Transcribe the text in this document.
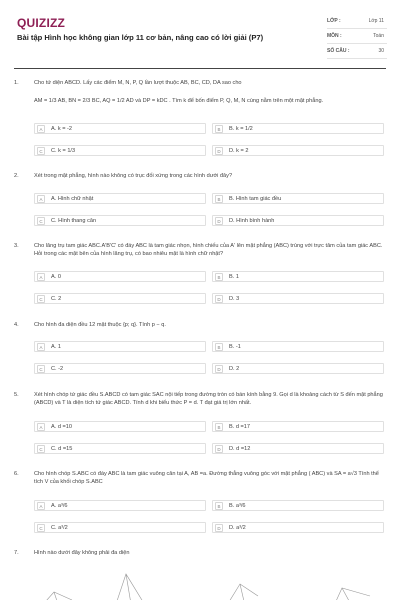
QUIZIZZ
Bài tập Hình học không gian lớp 11 cơ bản, nâng cao có lời giải (P7)
LỚP :	Lớp 11
MÔN :	Toán
SỐ CÂU :	30
1.	Cho tứ diện ABCD. Lấy các điểm M, N, P, Q lần lượt thuộc AB, BC, CD, DA sao cho
AM = 1/3 AB, BN = 2/3 BC, AQ = 1/2 AD và DP = kDC . Tìm k để bốn điểm P, Q, M, N cùng nằm trên một mặt phẳng.
A	A. k = -2	B	B. k = 1/2
C	C. k = 1/3	D	D. k = 2
2.	Xét trong mặt phẳng, hình nào không có trục đối xứng trong các hình dưới đây?
A	A. Hình chữ nhật	B	B. Hình tam giác đều
C	C. Hình thang cân	D	D. Hình bình hành
3.	Cho lăng trụ tam giác ABC.A'B'C' có đáy ABC là tam giác nhọn, hình chiếu của A' lên mặt phẳng (ABC) trùng với trực tâm của tam giác ABC. Hỏi trong các mặt bên của hình lăng trụ, có bao nhiêu mặt là hình chữ nhật?
A	A. 0	B	B. 1
C	C. 2	D	D. 3
4.	Cho hình đa diện đều 12 mặt thuộc {p; q}. Tính p − q.
A	A. 1	B	B. -1
C	C. -2	D	D. 2
5.	Xét hình chóp tứ giác đều S.ABCD có tam giác SAC nội tiếp trong đường tròn có bán kính bằng 9. Gọi d là khoảng cách từ S đến mặt phẳng (ABCD) và T là diện tích tứ giác ABCD. Tính d khi biểu thức P = d. T đạt giá trị lớn nhất.
A	A. d =10	B	B. d =17
C	C. d =15	D	D. d =12
6.	Cho hình chóp S.ABC có đáy ABC là tam giác vuông cân tại A, AB =a. Đường thẳng vuông góc với mặt phẳng ( ABC) và SA = a√3 Tính thể tích V của khối chóp S.ABC
A	A. a³/6	B	B. a³/6
C	C. a³/2	D	D. a³/2
7.	Hình nào dưới đây không phải đa diện
